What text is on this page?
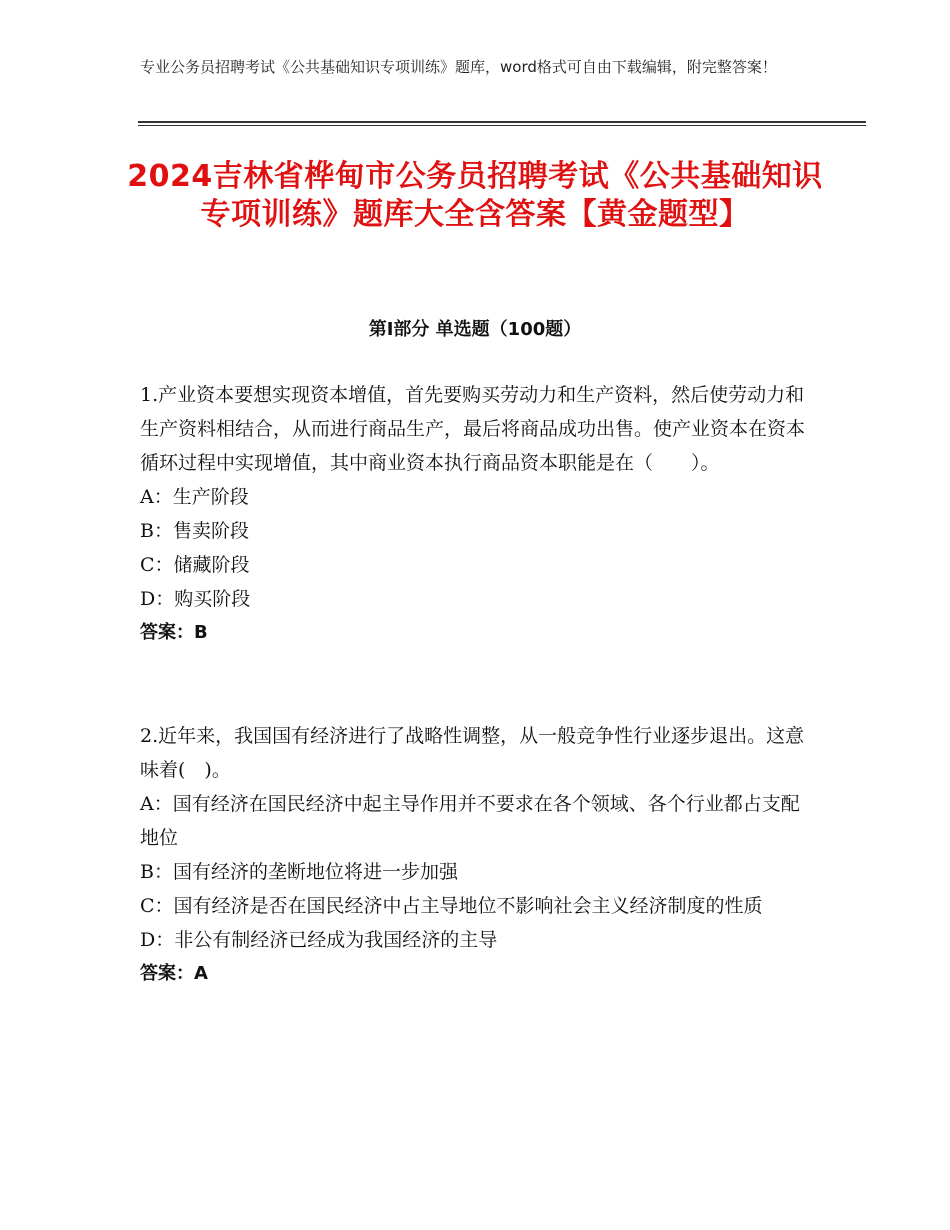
专业公务员招聘考试《公共基础知识专项训练》题库，word格式可自由下载编辑，附完整答案！
2024吉林省桦甸市公务员招聘考试《公共基础知识专项训练》题库大全含答案【黄金题型】
第Ⅰ部分 单选题（100题）

1.产业资本要想实现资本增值，首先要购买劳动力和生产资料，然后使劳动力和生产资料相结合，从而进行商品生产，最后将商品成功出售。使产业资本在资本循环过程中实现增值，其中商业资本执行商品资本职能是在（　　）。

A：生产阶段

B：售卖阶段

C：储藏阶段

D：购买阶段

答案：B

2.近年来，我国国有经济进行了战略性调整，从一般竞争性行业逐步退出。这意味着(　)。

A：国有经济在国民经济中起主导作用并不要求在各个领域、各个行业都占支配地位

B：国有经济的垄断地位将进一步加强

C：国有经济是否在国民经济中占主导地位不影响社会主义经济制度的性质

D：非公有制经济已经成为我国经济的主导

答案：A
